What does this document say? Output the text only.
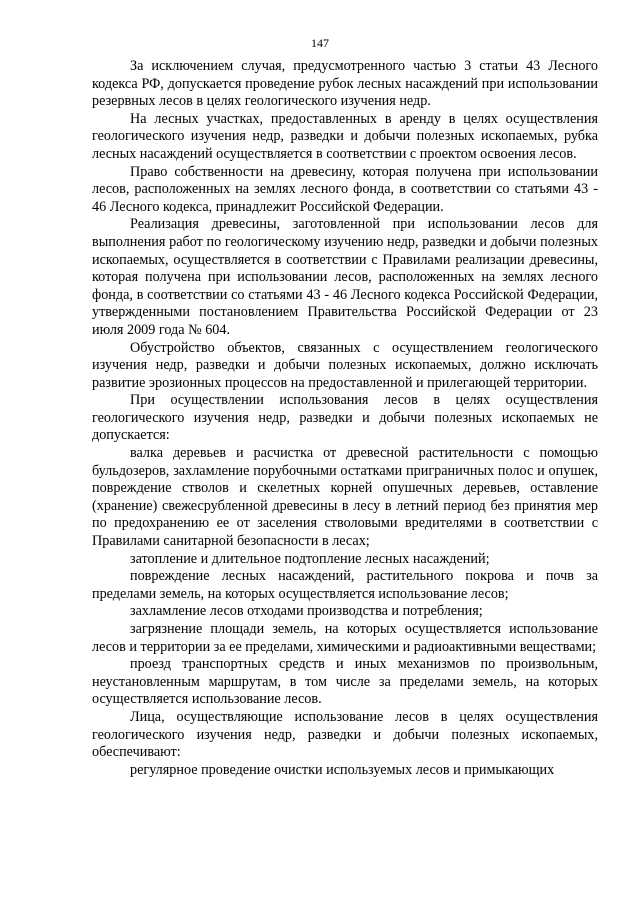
147

За исключением случая, предусмотренного частью 3 статьи 43 Лесного кодекса РФ, допускается проведение рубок лесных насаждений при использовании резервных лесов в целях геологического изучения недр.

На лесных участках, предоставленных в аренду в целях осуществления геологического изучения недр, разведки и добычи полезных ископаемых, рубка лесных насаждений осуществляется в соответствии с проектом освоения лесов.

Право собственности на древесину, которая получена при использовании лесов, расположенных на землях лесного фонда, в соответствии со статьями 43 - 46 Лесного кодекса, принадлежит Российской Федерации.

Реализация древесины, заготовленной при использовании лесов для выполнения работ по геологическому изучению недр, разведки и добычи полезных ископаемых, осуществляется в соответствии с Правилами реализации древесины, которая получена при использовании лесов, расположенных на землях лесного фонда, в соответствии со статьями 43 - 46 Лесного кодекса Российской Федерации, утвержденными постановлением Правительства Российской Федерации от 23 июля 2009 года № 604.

Обустройство объектов, связанных с осуществлением геологического изучения недр, разведки и добычи полезных ископаемых, должно исключать развитие эрозионных процессов на предоставленной и прилегающей территории.

При осуществлении использования лесов в целях осуществления геологического изучения недр, разведки и добычи полезных ископаемых не допускается:

валка деревьев и расчистка от древесной растительности с помощью бульдозеров, захламление порубочными остатками приграничных полос и опушек, повреждение стволов и скелетных корней опушечных деревьев, оставление (хранение) свежесрубленной древесины в лесу в летний период без принятия мер по предохранению ее от заселения стволовыми вредителями в соответствии с Правилами санитарной безопасности в лесах;

затопление и длительное подтопление лесных насаждений;

повреждение лесных насаждений, растительного покрова и почв за пределами земель, на которых осуществляется использование лесов;

захламление лесов отходами производства и потребления;

загрязнение площади земель, на которых осуществляется использование лесов и территории за ее пределами, химическими и радиоактивными веществами;

проезд транспортных средств и иных механизмов по произвольным, неустановленным маршрутам, в том числе за пределами земель, на которых осуществляется использование лесов.

Лица, осуществляющие использование лесов в целях осуществления геологического изучения недр, разведки и добычи полезных ископаемых, обеспечивают:

регулярное проведение очистки используемых лесов и примыкающих
